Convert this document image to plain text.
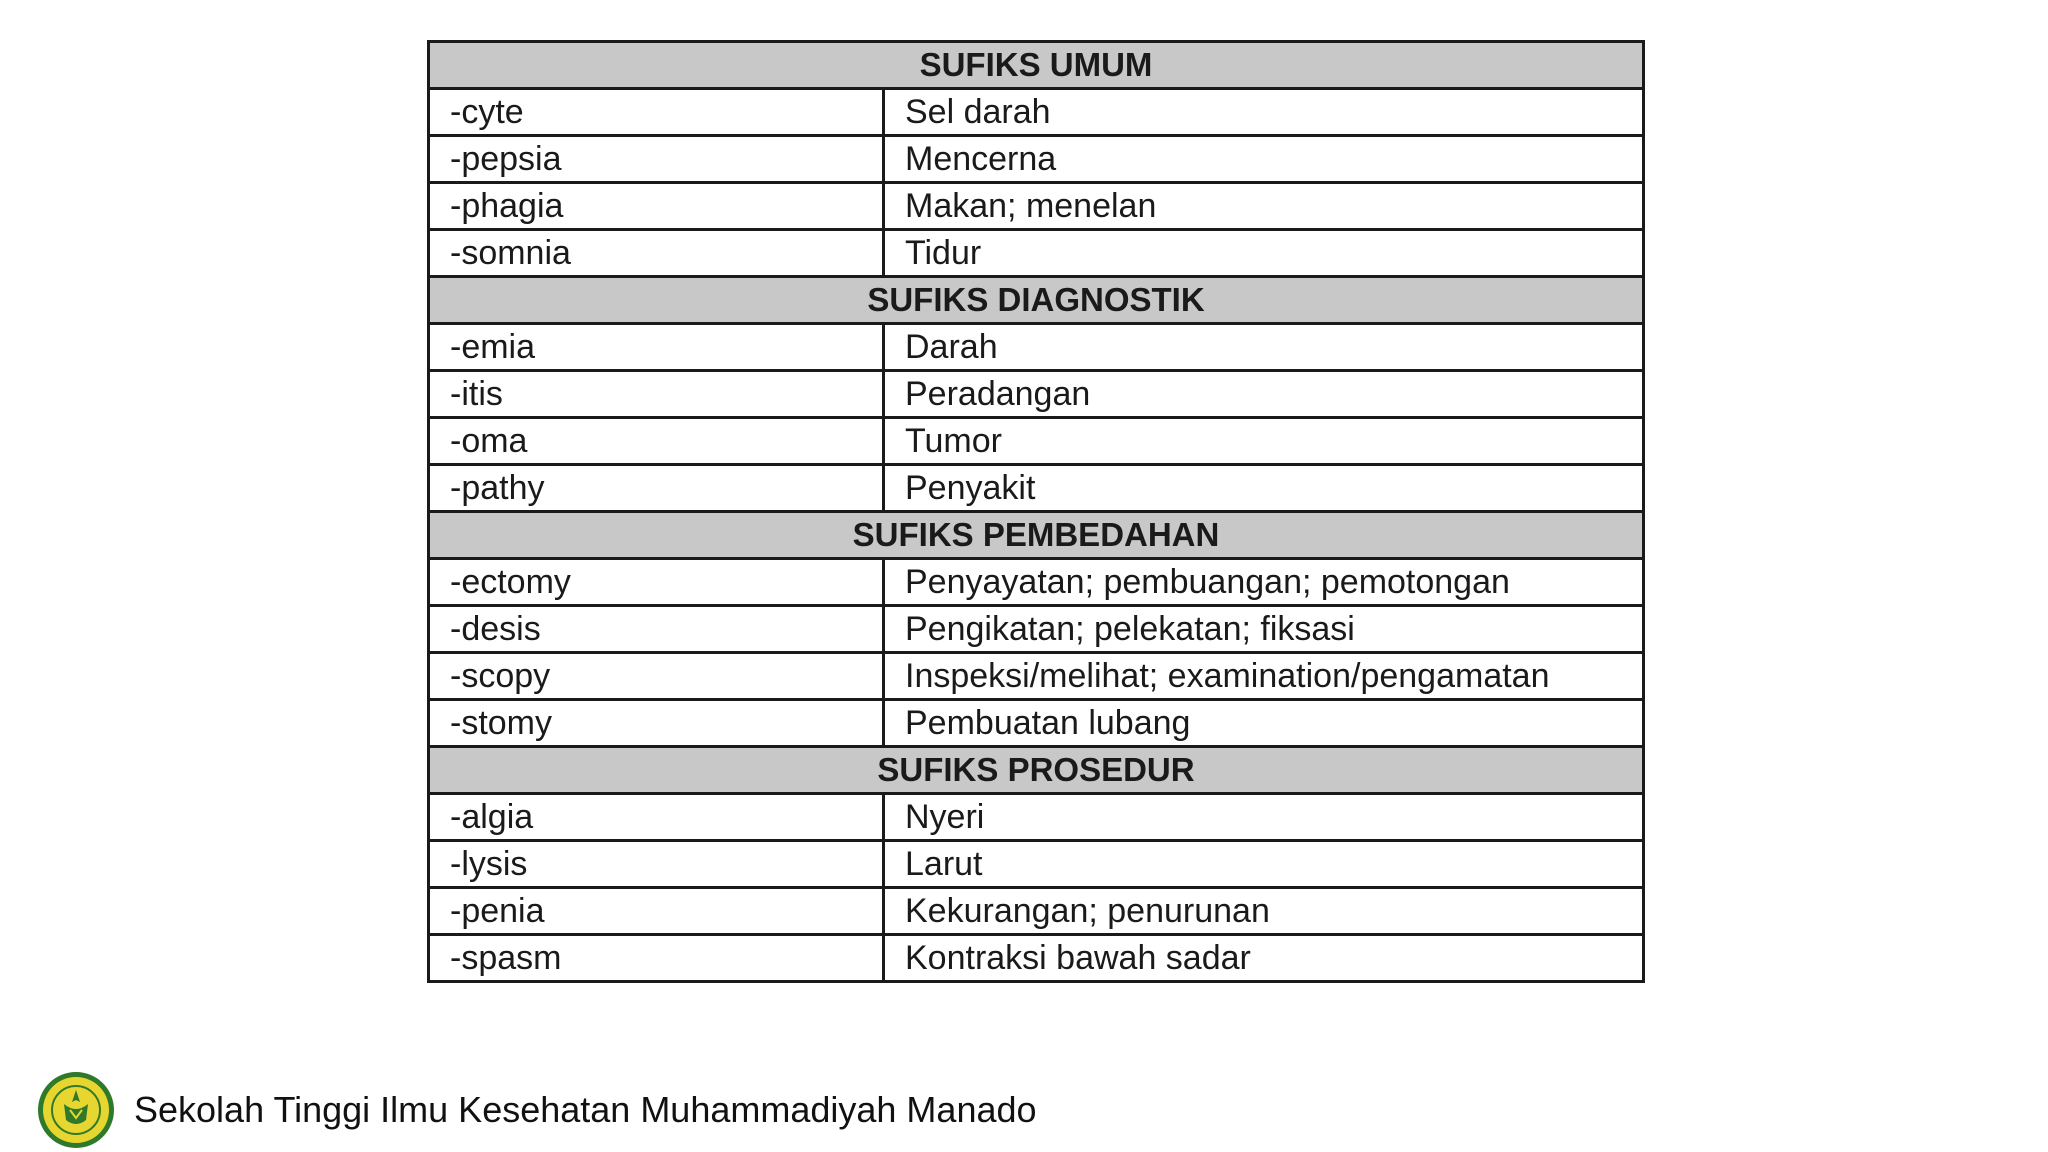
SUFIKS UMUM	
-cyte	Sel darah
-pepsia	Mencerna
-phagia	Makan; menelan
-somnia	Tidur
SUFIKS DIAGNOSTIK	
-emia	Darah
-itis	Peradangan
-oma	Tumor
-pathy	Penyakit
SUFIKS PEMBEDAHAN	
-ectomy	Penyayatan; pembuangan; pemotongan
-desis	Pengikatan; pelekatan; fiksasi
-scopy	Inspeksi/melihat; examination/pengamatan
-stomy	Pembuatan lubang
SUFIKS PROSEDUR	
-algia	Nyeri
-lysis	Larut
-penia	Kekurangan; penurunan
-spasm	Kontraksi bawah sadar
Sekolah Tinggi Ilmu Kesehatan Muhammadiyah Manado
